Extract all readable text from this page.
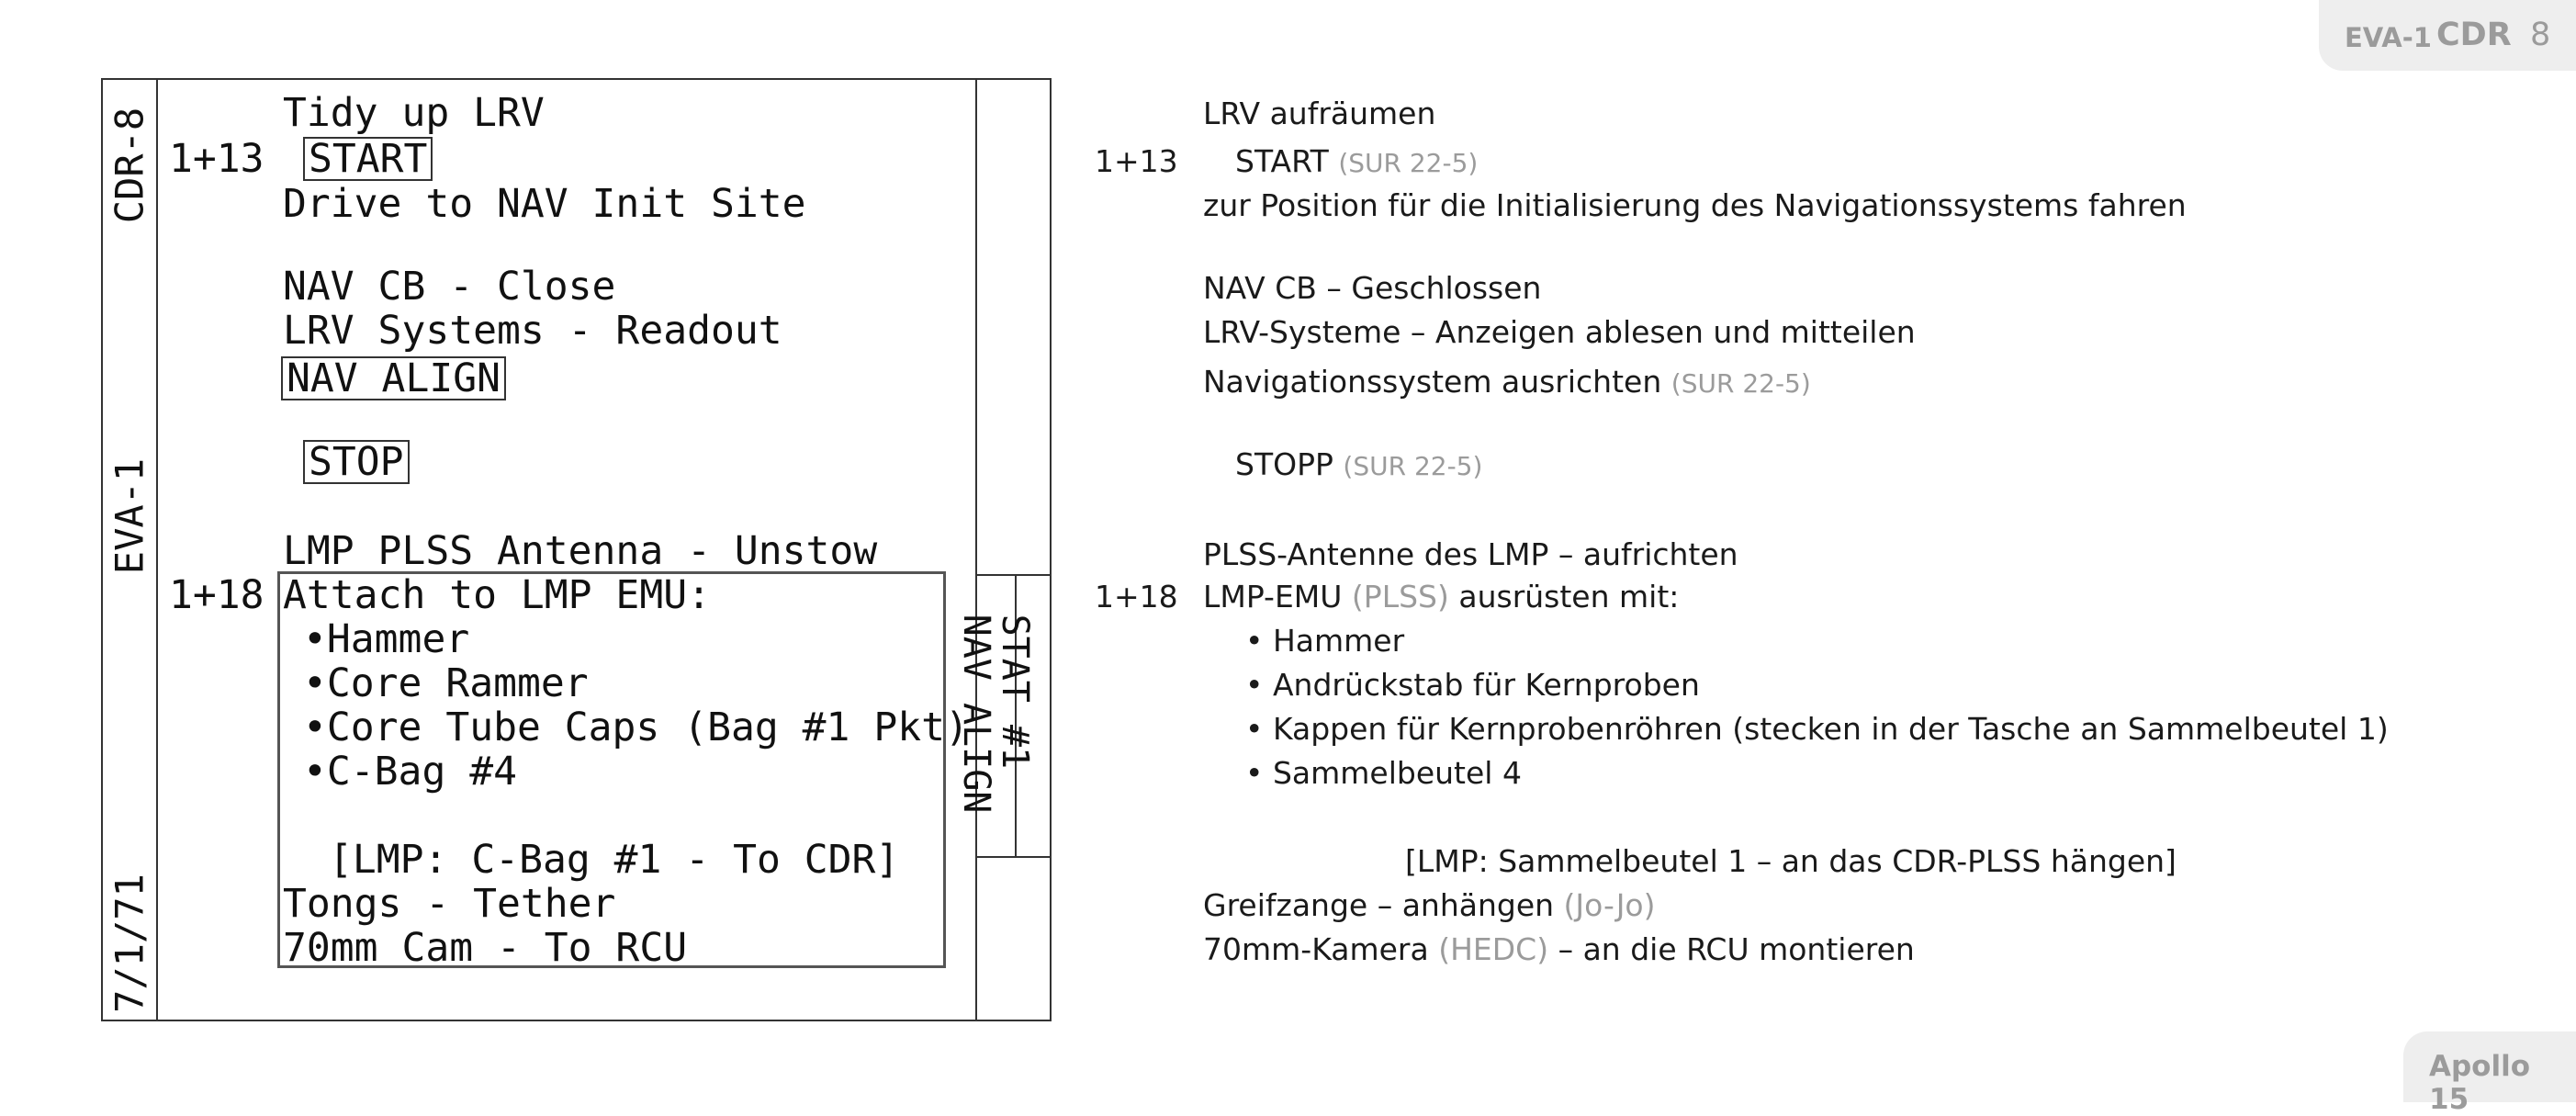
EVA-1 CDR 8
Apollo 15
CDR-8
EVA-1
7/1/71
STAT #1
NAV ALIGN
Tidy up LRV
1+13 START
Drive to NAV Init Site
NAV CB - Close
LRV Systems - Readout
NAV ALIGN
STOP
LMP PLSS Antenna - Unstow
1+18 Attach to LMP EMU:
•Hammer
•Core Rammer
•Core Tube Caps (Bag #1 Pkt)
•C-Bag #4
[LMP: C-Bag #1 - To CDR]
Tongs - Tether
70mm Cam - To RCU
LRV aufräumen
1+13 START (SUR 22-5)
zur Position für die Initialisierung des Navigationssystems fahren
NAV CB – Geschlossen
LRV-Systeme – Anzeigen ablesen und mitteilen
Navigationssystem ausrichten (SUR 22-5)
STOPP (SUR 22-5)
PLSS-Antenne des LMP – aufrichten
1+18 LMP-EMU (PLSS) ausrüsten mit:
• Hammer
• Andrückstab für Kernproben
• Kappen für Kernprobenröhren (stecken in der Tasche an Sammelbeutel 1)
• Sammelbeutel 4
[LMP: Sammelbeutel 1 – an das CDR-PLSS hängen]
Greifzange – anhängen (Jo-Jo)
70mm-Kamera (HEDC) – an die RCU montieren
